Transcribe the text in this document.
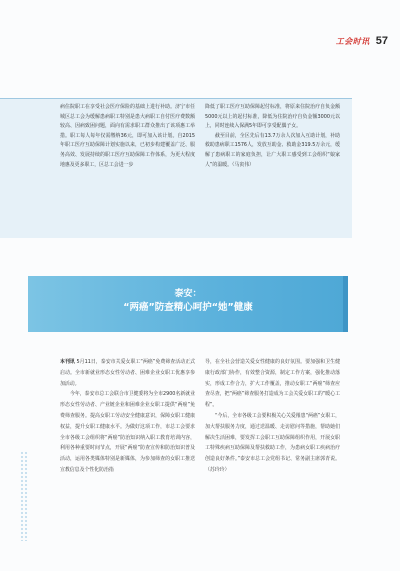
工会时讯 57

病住院职工在享受社会医疗保险的基础上进行补助。济宁市任城区总工会为缓解患病职工特别是患大病职工自付医疗费数额较高、因病致困问题，面向有需求职工群众推出了该项惠工举措。职工每人每年仅需缴纳36元，即可加入该计划。自2015年职工医疗互助保障计划实施以来，已初步构建覆盖广泛、服务高效、发展持续的职工医疗互助保障工作体系，为更大程度地惠及更多职工，区总工会进一步

降低了职工医疗互助保障起付标准，将原来住院治疗自负金额5000元以上的起付标准，降低为住院治疗自负金额3000元以上，同时连续入保满5年即可享受配偶子女。

截至目前，全区先后有13.7万余人次加入互助计划，补助救助患病职工1576人，发放互助金、救助金319.5万余元，缓解了患病职工的家庭负担，让广大职工感受到工会组织“娘家人”的温暖。（马寅伟）

泰安：
“两癌”防查精心呵护“她”健康

本刊讯 5月11日，泰安市关爱女职工“两癌”免费筛查活动正式启动。全市新就业形态女性劳动者、困难企业女职工优惠享参加活动。

今年，泰安市总工会联合市卫健委将为全市2900名新就业形态女性劳动者、产业链企业和困难企业女职工提供“两癌”免费筛查服务。提高女职工劳动安全健康意识，保障女职工健康权益，提升女职工健康水平。为做好这项工作，市总工会要求全市各级工会组织将“两癌”防治知识纳入职工教育培训内容，利用各种重要时间节点，开展“两癌”防查宣传和防治知识普及活动，运用各类媒体特别是新媒体，为参加筛查的女职工推送宣教信息及个性化防治指

导，在全社会营造关爱女性健康的良好氛围。要加强和卫生健康行政部门协作，有效整合资源，制定工作方案，强化推动落实，形成工作合力，扩大工作覆盖，推动女职工“两癌”筛查应查尽查，把“两癌”筛查服务打造成为工会关爱女职工的“暖心工程”。

“今后，全市各级工会要积极关心关爱罹患“两癌”女职工，加大帮扶服务力度，通过送温暖、走访慰问等措施，帮助她们解决生活困难，要发挥工会职工互助保障组织作用，开展女职工特殊疾病互助保障及帮扶救助工作，为患病女职工疾病治疗创造良好条件。”泰安市总工会党组书记、常务副主席郭青说。（苏玲玲）
